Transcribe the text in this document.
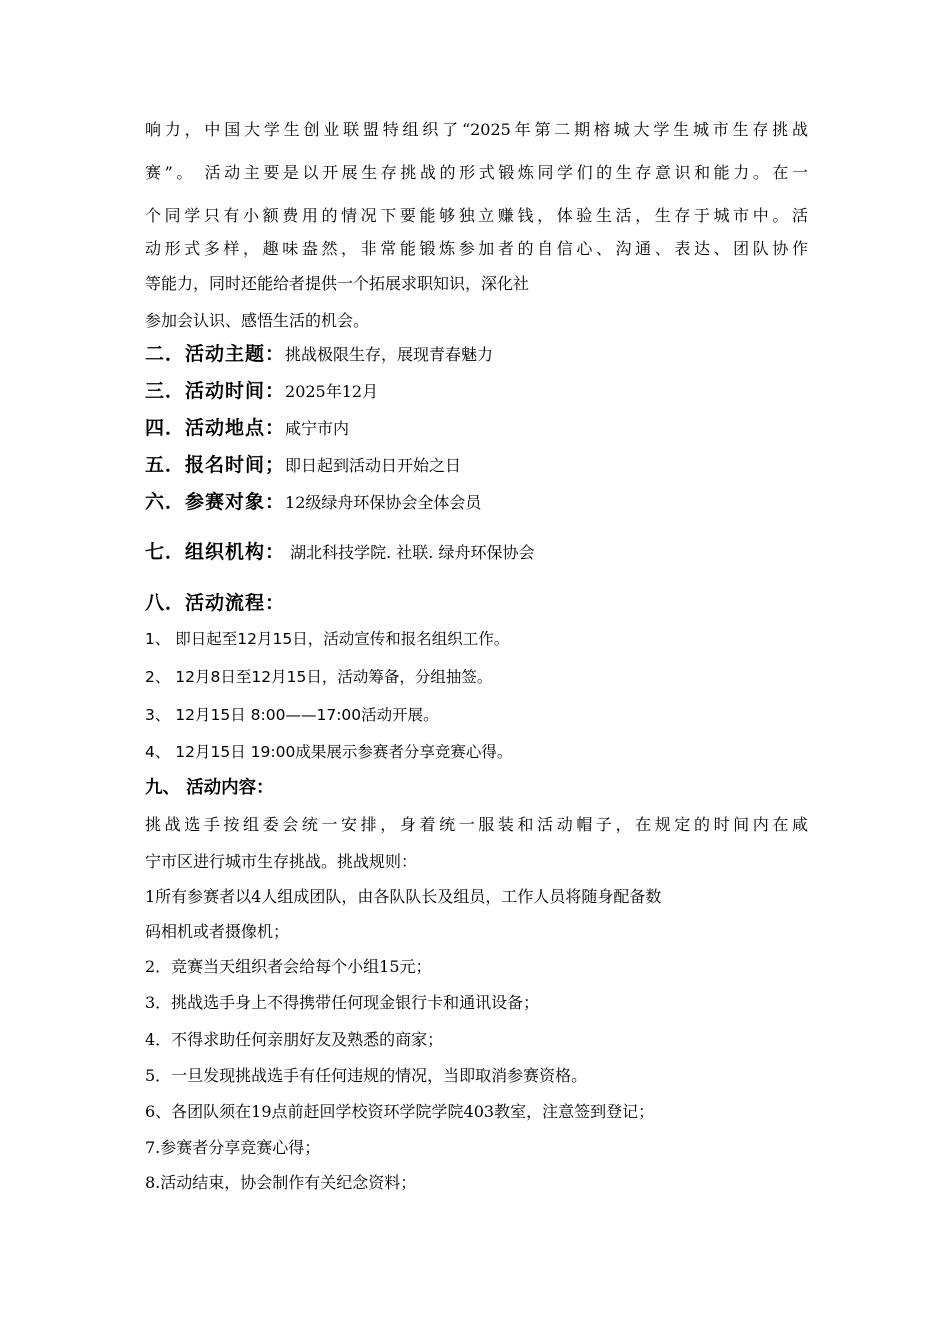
响力，中国大学生创业联盟特组织了“2025年第二期榕城大学生城市生存挑战
赛”。 活动主要是以开展生存挑战的形式锻炼同学们的生存意识和能力。在一
个同学只有小额费用的情况下要能够独立赚钱，体验生活，生存于城市中。活
动形式多样，趣味盎然，非常能锻炼参加者的自信心、沟通、表达、团队协作
等能力，同时还能给者提供一个拓展求职知识，深化社
参加会认识、感悟生活的机会。
二．活动主题：挑战极限生存，展现青春魅力
三．活动时间：2025年12月
四．活动地点：咸宁市内
五．报名时间；即日起到活动日开始之日
六．参赛对象：12级绿舟环保协会全体会员
七．组织机构： 湖北科技学院. 社联. 绿舟环保协会
八．活动流程：
1、 即日起至12月15日，活动宣传和报名组织工作。
2、 12月8日至12月15日，活动筹备，分组抽签。
3、 12月15日 8:00——17:00活动开展。
4、 12月15日 19:00成果展示参赛者分享竞赛心得。
九、 活动内容：
挑战选手按组委会统一安排，身着统一服装和活动帽子，在规定的时间内在咸
宁市区进行城市生存挑战。挑战规则：
1所有参赛者以4人组成团队，由各队队长及组员，工作人员将随身配备数
码相机或者摄像机；
2．竞赛当天组织者会给每个小组15元；
3．挑战选手身上不得携带任何现金银行卡和通讯设备；
4．不得求助任何亲朋好友及熟悉的商家；
5．一旦发现挑战选手有任何违规的情况，当即取消参赛资格。
6、各团队须在19点前赶回学校资环学院学院403教室，注意签到登记；
7.参赛者分享竞赛心得；
8.活动结束，协会制作有关纪念资料；
